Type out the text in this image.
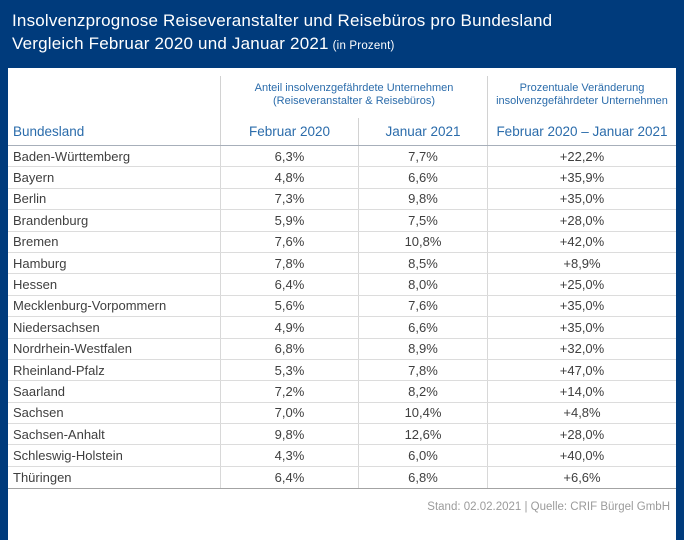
Insolvenzprognose Reiseveranstalter und Reisebüros pro Bundesland
Vergleich Februar 2020 und Januar 2021 (in Prozent)
Anteil insolvenzgefährdete Unternehmen
(Reiseveranstalter & Reisebüros)
Prozentuale Veränderung
insolvenzgefährdeter Unternehmen
Bundesland	Februar 2020	Januar 2021	Februar 2020 – Januar 2021
Baden-Württemberg	6,3%	7,7%	+22,2%
Bayern	4,8%	6,6%	+35,9%
Berlin	7,3%	9,8%	+35,0%
Brandenburg	5,9%	7,5%	+28,0%
Bremen	7,6%	10,8%	+42,0%
Hamburg	7,8%	8,5%	+8,9%
Hessen	6,4%	8,0%	+25,0%
Mecklenburg-Vorpommern	5,6%	7,6%	+35,0%
Niedersachsen	4,9%	6,6%	+35,0%
Nordrhein-Westfalen	6,8%	8,9%	+32,0%
Rheinland-Pfalz	5,3%	7,8%	+47,0%
Saarland	7,2%	8,2%	+14,0%
Sachsen	7,0%	10,4%	+4,8%
Sachsen-Anhalt	9,8%	12,6%	+28,0%
Schleswig-Holstein	4,3%	6,0%	+40,0%
Thüringen	6,4%	6,8%	+6,6%
Stand: 02.02.2021 | Quelle: CRIF Bürgel GmbH
